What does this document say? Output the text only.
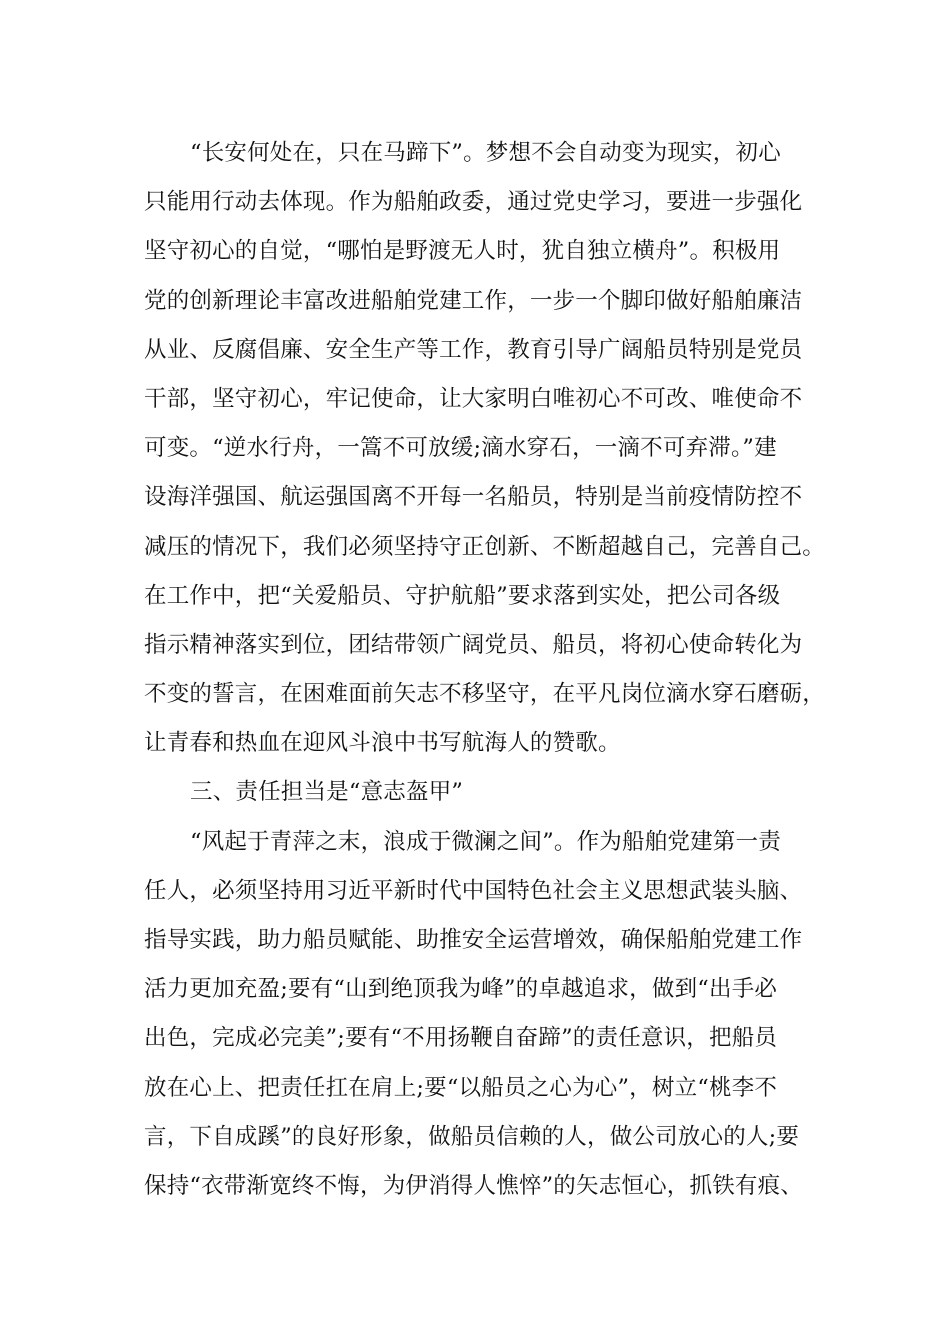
“长安何处在，只在马蹄下”。梦想不会自动变为现实，初心
只能用行动去体现。作为船舶政委，通过党史学习，要进一步强化
坚守初心的自觉，“哪怕是野渡无人时，犹自独立横舟”。积极用
党的创新理论丰富改进船舶党建工作，一步一个脚印做好船舶廉洁
从业、反腐倡廉、安全生产等工作，教育引导广阔船员特别是党员
干部，坚守初心，牢记使命，让大家明白唯初心不可改、唯使命不
可变。“逆水行舟，一篙不可放缓;滴水穿石，一滴不可弃滞。”建
设海洋强国、航运强国离不开每一名船员，特别是当前疫情防控不
减压的情况下，我们必须坚持守正创新、不断超越自己，完善自己。
在工作中，把“关爱船员、守护航船”要求落到实处，把公司各级
指示精神落实到位，团结带领广阔党员、船员，将初心使命转化为
不变的誓言，在困难面前矢志不移坚守，在平凡岗位滴水穿石磨砺，
让青春和热血在迎风斗浪中书写航海人的赞歌。
三、责任担当是“意志盔甲”
“风起于青萍之末，浪成于微澜之间”。作为船舶党建第一责
任人，必须坚持用习近平新时代中国特色社会主义思想武装头脑、
指导实践，助力船员赋能、助推安全运营增效，确保船舶党建工作
活力更加充盈;要有“山到绝顶我为峰”的卓越追求，做到“出手必
出色，完成必完美”;要有“不用扬鞭自奋蹄”的责任意识，把船员
放在心上、把责任扛在肩上;要“以船员之心为心”，树立“桃李不
言，下自成蹊”的良好形象，做船员信赖的人，做公司放心的人;要
保持“衣带渐宽终不悔，为伊消得人憔悴”的矢志恒心，抓铁有痕、
